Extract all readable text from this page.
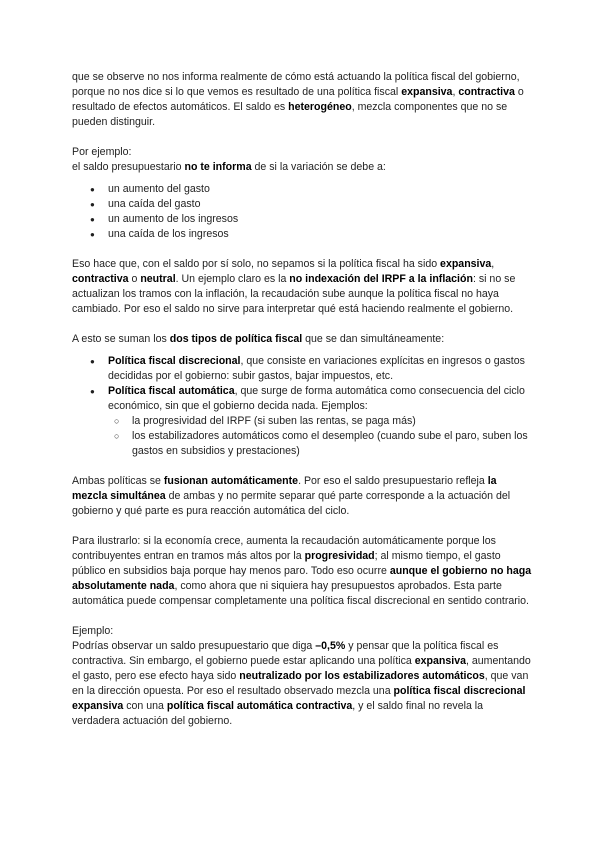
que se observe no nos informa realmente de cómo está actuando la política fiscal del gobierno, porque no nos dice si lo que vemos es resultado de una política fiscal expansiva, contractiva o resultado de efectos automáticos. El saldo es heterogéneo, mezcla componentes que no se pueden distinguir.

Por ejemplo:

el saldo presupuestario no te informa de si la variación se debe a:

● un aumento del gasto
● una caída del gasto
● un aumento de los ingresos
● una caída de los ingresos

Eso hace que, con el saldo por sí solo, no sepamos si la política fiscal ha sido expansiva, contractiva o neutral. Un ejemplo claro es la no indexación del IRPF a la inflación: si no se actualizan los tramos con la inflación, la recaudación sube aunque la política fiscal no haya cambiado. Por eso el saldo no sirve para interpretar qué está haciendo realmente el gobierno.

A esto se suman los dos tipos de política fiscal que se dan simultáneamente:

● Política fiscal discrecional, que consiste en variaciones explícitas en ingresos o gastos decididas por el gobierno: subir gastos, bajar impuestos, etc.
● Política fiscal automática, que surge de forma automática como consecuencia del ciclo económico, sin que el gobierno decida nada. Ejemplos:
○ la progresividad del IRPF (si suben las rentas, se paga más)
○ los estabilizadores automáticos como el desempleo (cuando sube el paro, suben los gastos en subsidios y prestaciones)

Ambas políticas se fusionan automáticamente. Por eso el saldo presupuestario refleja la mezcla simultánea de ambas y no permite separar qué parte corresponde a la actuación del gobierno y qué parte es pura reacción automática del ciclo.

Para ilustrarlo: si la economía crece, aumenta la recaudación automáticamente porque los contribuyentes entran en tramos más altos por la progresividad; al mismo tiempo, el gasto público en subsidios baja porque hay menos paro. Todo eso ocurre aunque el gobierno no haga absolutamente nada, como ahora que ni siquiera hay presupuestos aprobados. Esta parte automática puede compensar completamente una política fiscal discrecional en sentido contrario.

Ejemplo:

Podrías observar un saldo presupuestario que diga –0,5% y pensar que la política fiscal es contractiva. Sin embargo, el gobierno puede estar aplicando una política expansiva, aumentando el gasto, pero ese efecto haya sido neutralizado por los estabilizadores automáticos, que van en la dirección opuesta. Por eso el resultado observado mezcla una política fiscal discrecional expansiva con una política fiscal automática contractiva, y el saldo final no revela la verdadera actuación del gobierno.
